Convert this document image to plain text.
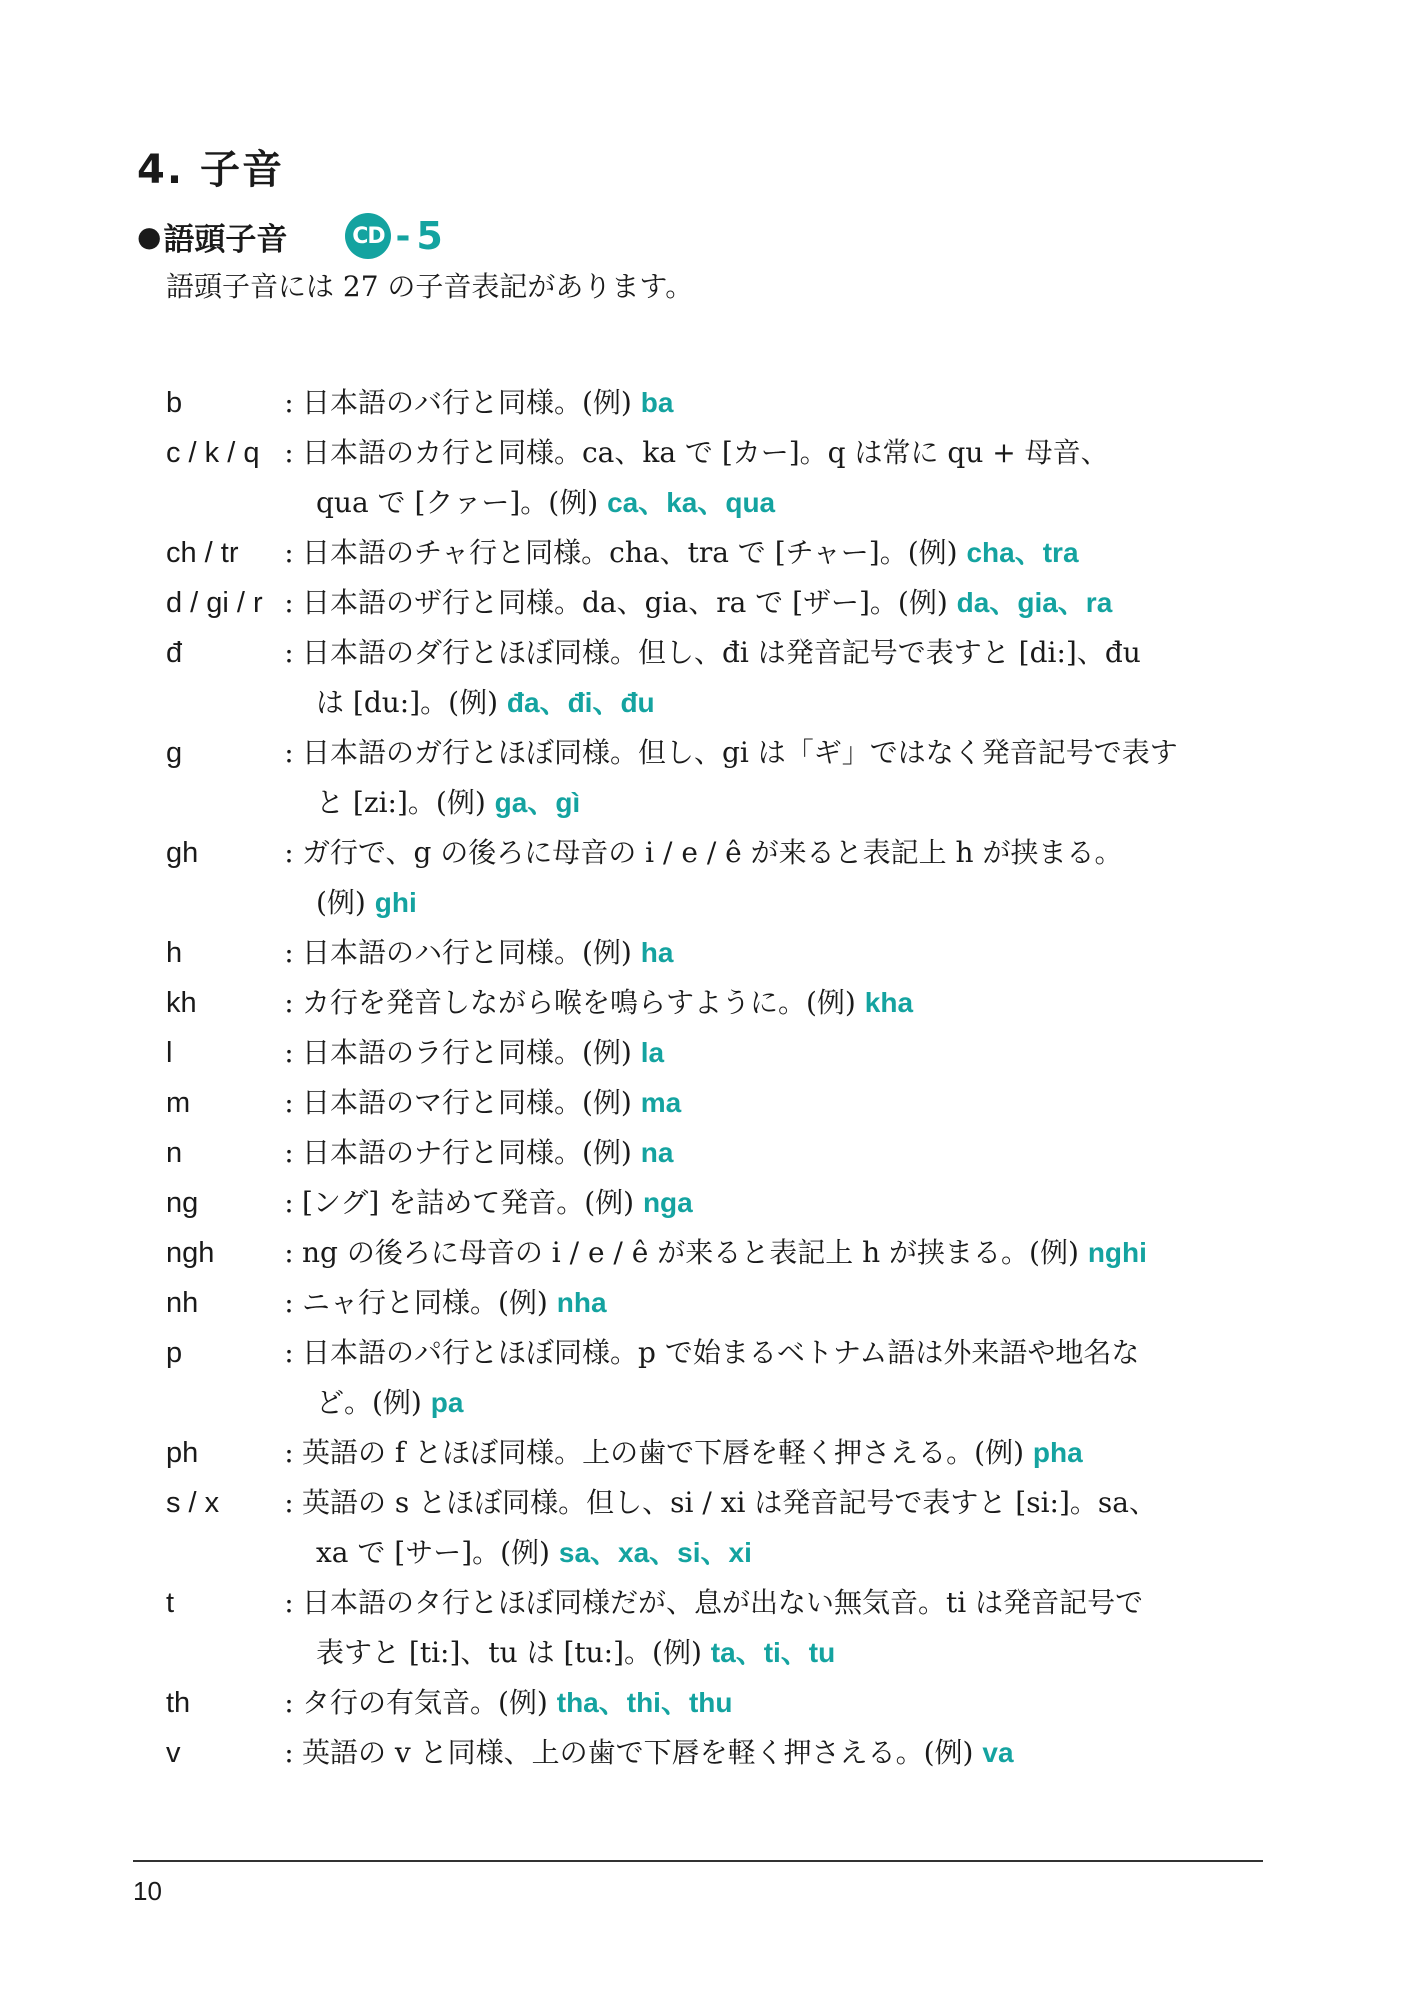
4. 子音
● 語頭子音	CD - 5

語頭子音には 27 の子音表記があります。

b	: 日本語のバ行と同様。(例) ba
c / k / q : 日本語のカ行と同様。ca、ka で [カー]。q は常に qu + 母音、
qua で [クァー]。(例) ca、ka、qua
ch / tr	: 日本語のチャ行と同様。cha、tra で [チャー]。(例) cha、tra
d / gi / r : 日本語のザ行と同様。da、gia、ra で [ザー]。(例) da、gia、ra
đ	: 日本語のダ行とほぼ同様。但し、đi は発音記号で表すと [di:]、đu
は [du:]。(例) đa、đi、đu
g	: 日本語のガ行とほぼ同様。但し、gi は「ギ」ではなく発音記号で表す
と [zi:]。(例) ga、gì
gh	: ガ行で、g の後ろに母音の i / e / ê が来ると表記上 h が挟まる。
(例) ghi
h	: 日本語のハ行と同様。(例) ha
kh	: カ行を発音しながら喉を鳴らすように。(例) kha
l	: 日本語のラ行と同様。(例) la
m	: 日本語のマ行と同様。(例) ma
n	: 日本語のナ行と同様。(例) na
ng	: [ング] を詰めて発音。(例) nga
ngh	: ng の後ろに母音の i / e / ê が来ると表記上 h が挟まる。(例) nghi
nh	: ニャ行と同様。(例) nha
p	: 日本語のパ行とほぼ同様。p で始まるベトナム語は外来語や地名な
ど。(例) pa
ph	: 英語の f とほぼ同様。上の歯で下唇を軽く押さえる。(例) pha
s / x	: 英語の s とほぼ同様。但し、si / xi は発音記号で表すと [si:]。sa、
xa で [サー]。(例) sa、xa、si、xi
t	: 日本語のタ行とほぼ同様だが、息が出ない無気音。ti は発音記号で
表すと [ti:]、tu は [tu:]。(例) ta、ti、tu
th	: タ行の有気音。(例) tha、thi、thu
v	: 英語の v と同様、上の歯で下唇を軽く押さえる。(例) va
10
